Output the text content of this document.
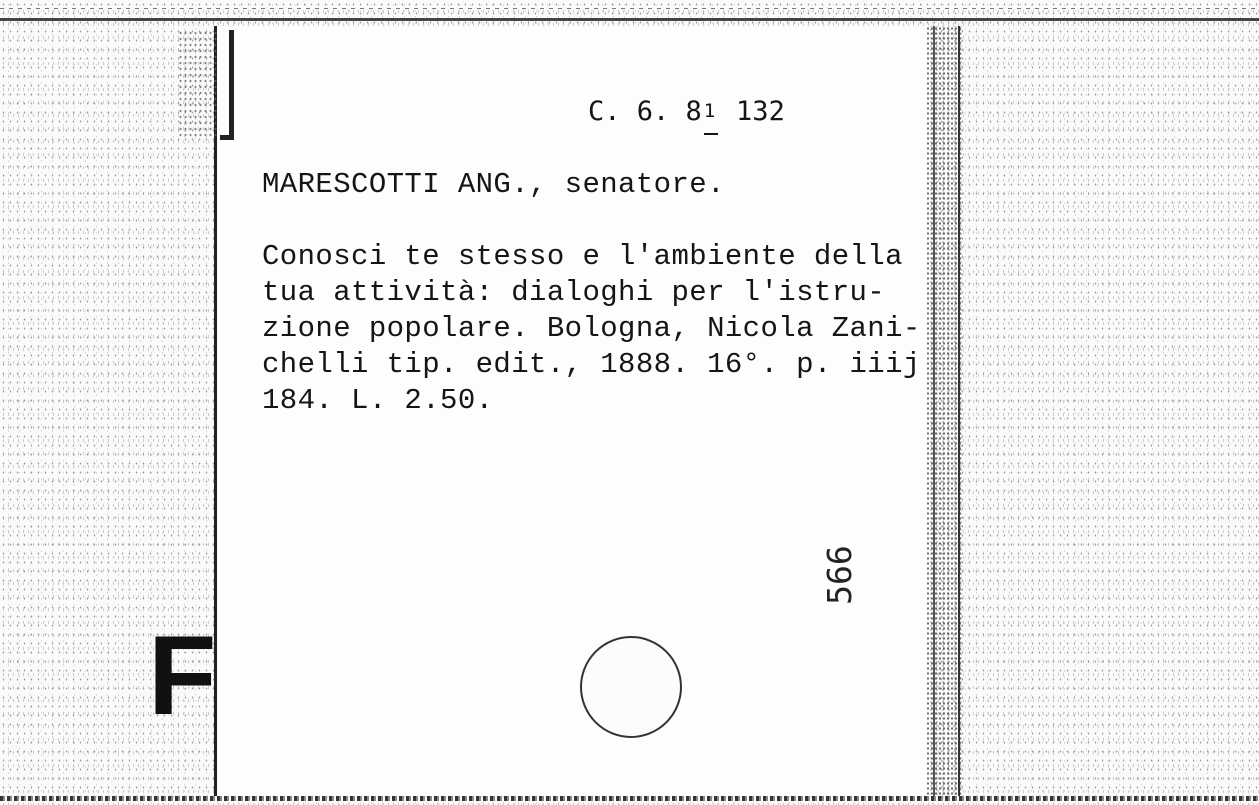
C. 6. 8 1 132
MARESCOTTI ANG., senatore.
Conosci te stesso e l'ambiente della
tua attività: dialoghi per l'istru-
zione popolare. Bologna, Nicola Zani-
chelli tip. edit., 1888. 16°. p. iiij
184. L. 2.50.
566
F
